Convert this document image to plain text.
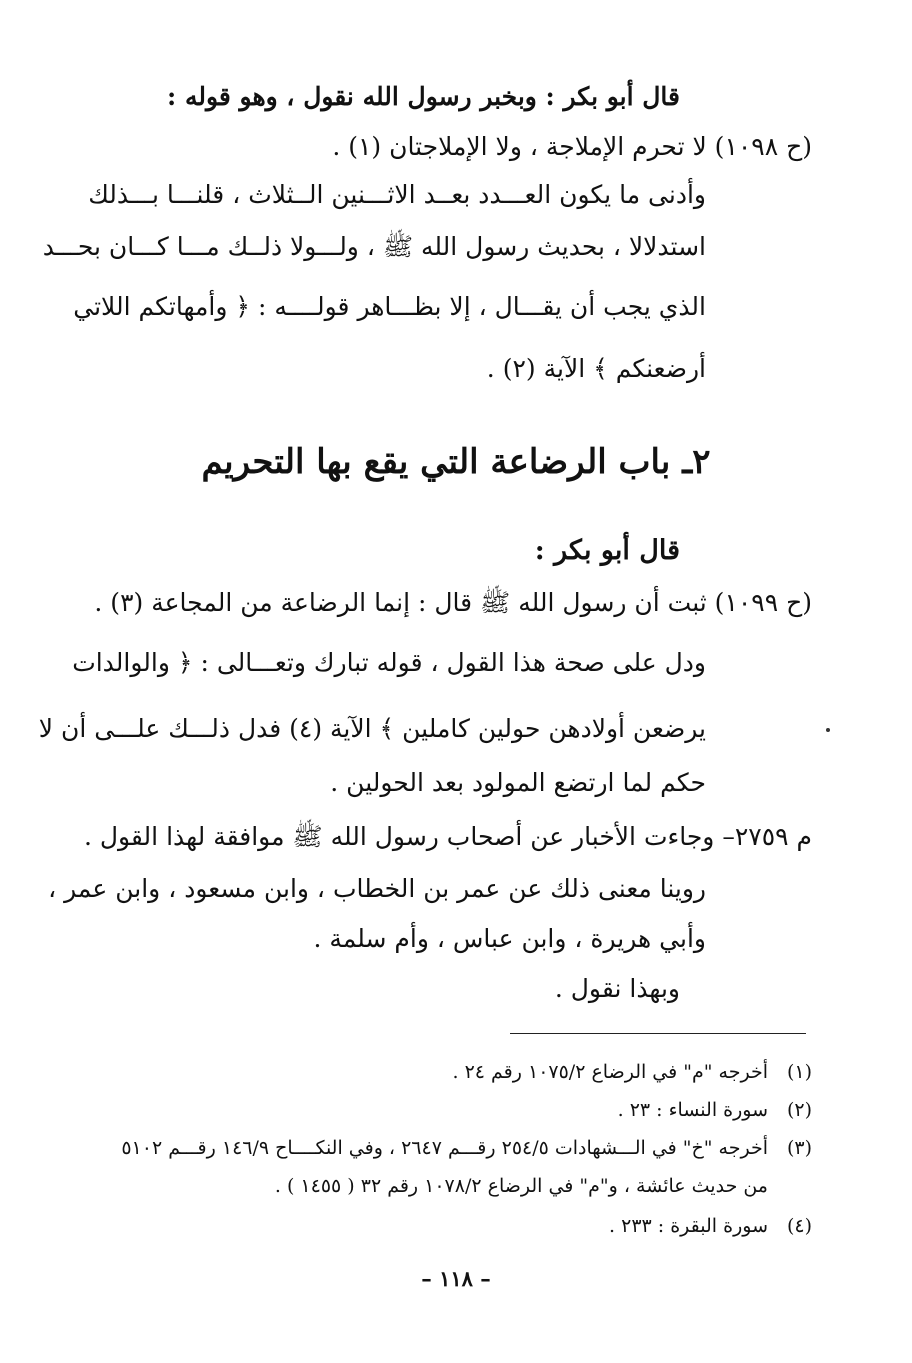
قال أبو بكر : وبخبر رسول الله نقول ، وهو قوله :
(ح ١٠٩٨) لا تحرم الإملاجة ، ولا الإملاجتان (١) .
وأدنى ما يكون العـــدد بعــد الاثـــنين الــثلاث ، قلنـــا بـــذلك
استدلالا ، بحديث رسول الله ﷺ ، ولـــولا ذلــك مـــا كـــان بحـــد
الذي يجب أن يقـــال ، إلا بظـــاهر قولــــه : ﴿ وأمهاتكم اللاتي
أرضعنكم ﴾ الآية (٢) .
٢ـ باب الرضاعة التي يقع بها التحريم
قال أبو بكر :
(ح ١٠٩٩) ثبت أن رسول الله ﷺ قال : إنما الرضاعة من المجاعة (٣) .
ودل على صحة هذا القول ، قوله تبارك وتعـــالى : ﴿ والوالدات
يرضعن أولادهن حولين كاملين ﴾ الآية (٤) فدل ذلـــك علـــى أن لا
حكم لما ارتضع المولود بعد الحولين .
م ٢٧٥٩– وجاءت الأخبار عن أصحاب رسول الله ﷺ موافقة لهذا القول .
روينا معنى ذلك عن عمر بن الخطاب ، وابن مسعود ، وابن عمر ،
وأبي هريرة ، وابن عباس ، وأم سلمة .
وبهذا نقول .
(١)أخرجه "م" في الرضاع ١٠٧٥/٢ رقم ٢٤ .
(٢)سورة النساء : ٢٣ .
(٣)أخرجه "خ" في الـــشهادات ٢٥٤/٥ رقـــم ٢٦٤٧ ، وفي النكــــاح ١٤٦/٩ رقـــم ٥١٠٢
من حديث عائشة ، و"م" في الرضاع ١٠٧٨/٢ رقم ٣٢ ( ١٤٥٥ ) .
(٤)سورة البقرة : ٢٣٣ .
– ١١٨ –
